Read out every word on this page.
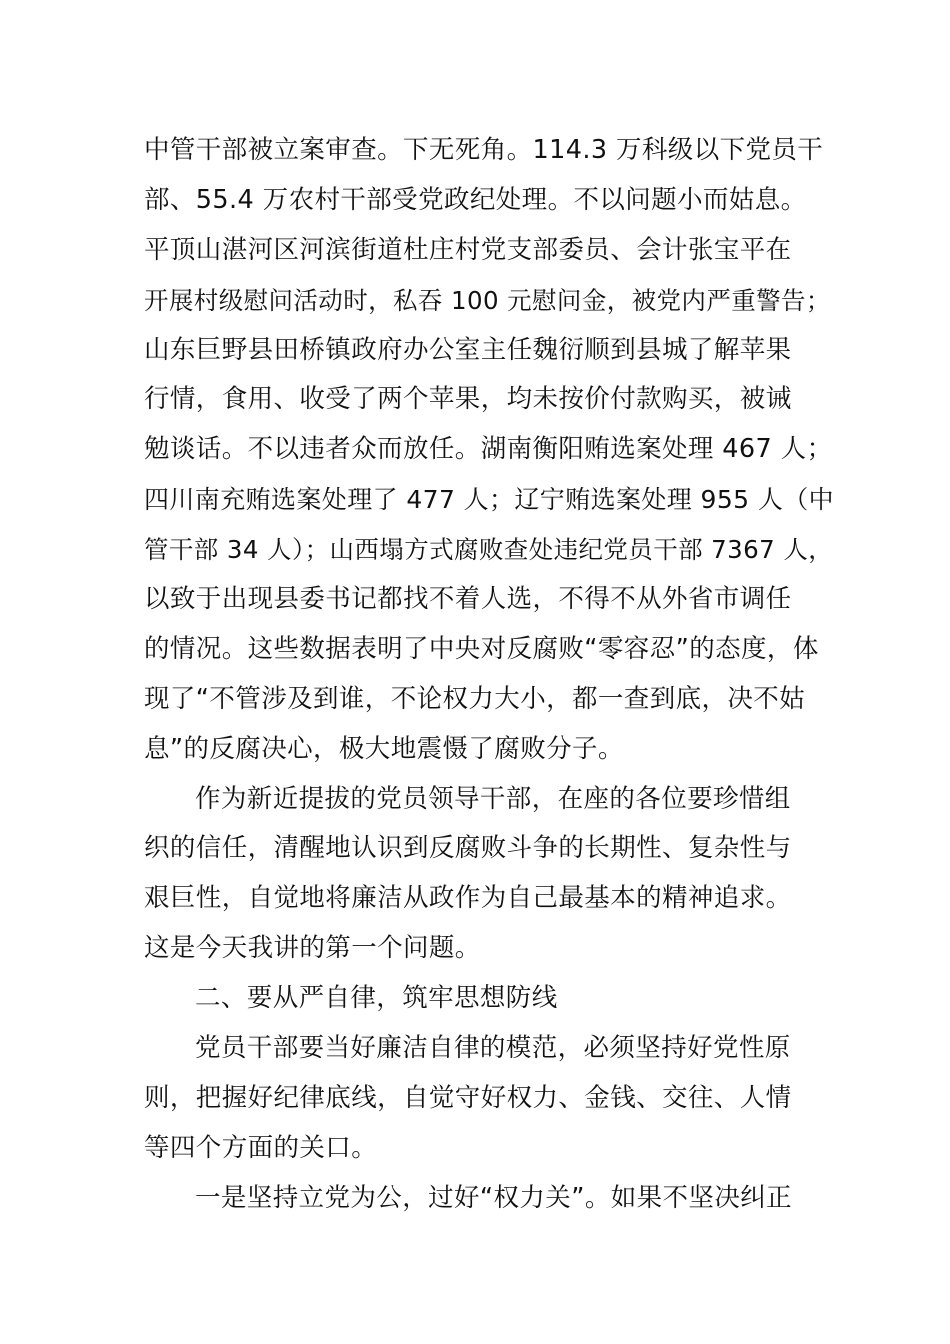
中管干部被立案审查。下无死角。114.3 万科级以下党员干
部、55.4 万农村干部受党政纪处理。不以问题小而姑息。
平顶山湛河区河滨街道杜庄村党支部委员、会计张宝平在
开展村级慰问活动时，私吞 100 元慰问金，被党内严重警告；
山东巨野县田桥镇政府办公室主任魏衍顺到县城了解苹果
行情，食用、收受了两个苹果，均未按价付款购买，被诫
勉谈话。不以违者众而放任。湖南衡阳贿选案处理 467 人；
四川南充贿选案处理了 477 人；辽宁贿选案处理 955 人（中
管干部 34 人）；山西塌方式腐败查处违纪党员干部 7367 人，
以致于出现县委书记都找不着人选，不得不从外省市调任
的情况。这些数据表明了中央对反腐败“零容忍”的态度，体
现了“不管涉及到谁，不论权力大小，都一查到底，决不姑
息”的反腐决心，极大地震慑了腐败分子。
作为新近提拔的党员领导干部，在座的各位要珍惜组
织的信任，清醒地认识到反腐败斗争的长期性、复杂性与
艰巨性，自觉地将廉洁从政作为自己最基本的精神追求。
这是今天我讲的第一个问题。
二、要从严自律，筑牢思想防线
党员干部要当好廉洁自律的模范，必须坚持好党性原
则，把握好纪律底线，自觉守好权力、金钱、交往、人情
等四个方面的关口。
一是坚持立党为公，过好“权力关”。如果不坚决纠正
